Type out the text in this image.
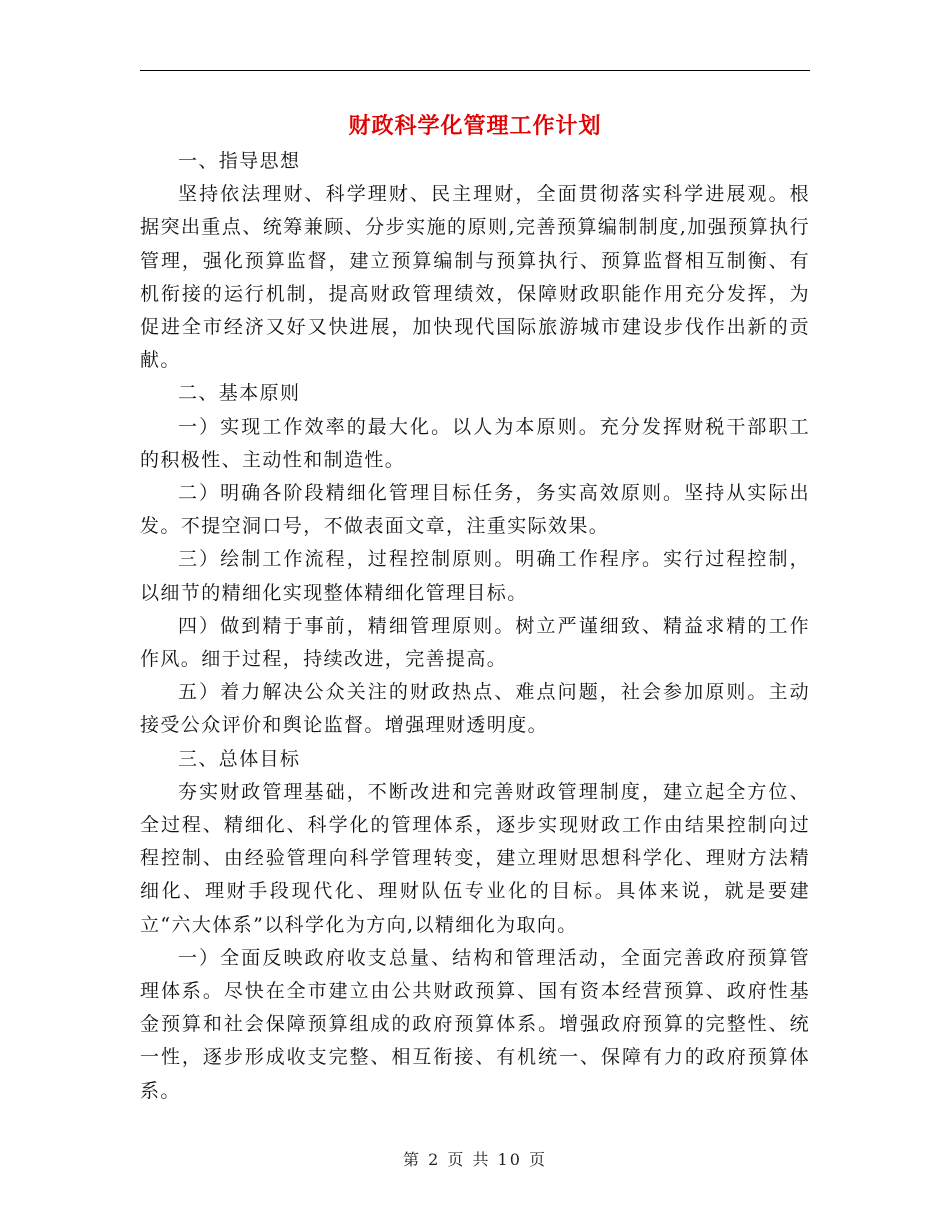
财政科学化管理工作计划

一、指导思想

坚持依法理财、科学理财、民主理财，全面贯彻落实科学进展观。根据突出重点、统筹兼顾、分步实施的原则,完善预算编制制度,加强预算执行管理，强化预算监督，建立预算编制与预算执行、预算监督相互制衡、有机衔接的运行机制，提高财政管理绩效，保障财政职能作用充分发挥，为促进全市经济又好又快进展，加快现代国际旅游城市建设步伐作出新的贡献。

二、基本原则

一）实现工作效率的最大化。以人为本原则。充分发挥财税干部职工的积极性、主动性和制造性。

二）明确各阶段精细化管理目标任务，务实高效原则。坚持从实际出发。不提空洞口号，不做表面文章，注重实际效果。

三）绘制工作流程，过程控制原则。明确工作程序。实行过程控制，以细节的精细化实现整体精细化管理目标。

四）做到精于事前，精细管理原则。树立严谨细致、精益求精的工作作风。细于过程，持续改进，完善提高。

五）着力解决公众关注的财政热点、难点问题，社会参加原则。主动接受公众评价和舆论监督。增强理财透明度。

三、总体目标

夯实财政管理基础，不断改进和完善财政管理制度，建立起全方位、全过程、精细化、科学化的管理体系，逐步实现财政工作由结果控制向过程控制、由经验管理向科学管理转变，建立理财思想科学化、理财方法精细化、理财手段现代化、理财队伍专业化的目标。具体来说，就是要建立“六大体系”以科学化为方向,以精细化为取向。

一）全面反映政府收支总量、结构和管理活动，全面完善政府预算管理体系。尽快在全市建立由公共财政预算、国有资本经营预算、政府性基金预算和社会保障预算组成的政府预算体系。增强政府预算的完整性、统一性，逐步形成收支完整、相互衔接、有机统一、保障有力的政府预算体系。

第 2 页 共 10 页
